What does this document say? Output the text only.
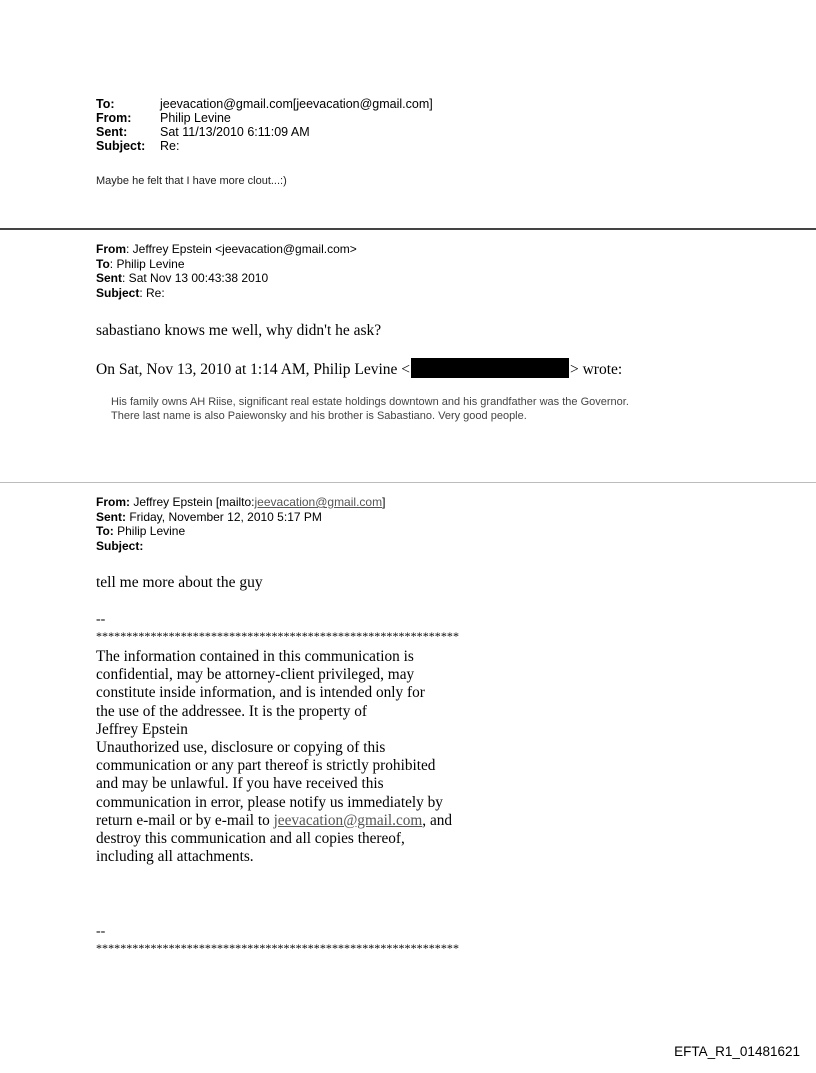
To:	jeevacation@gmail.com[jeevacation@gmail.com]
From:	Philip Levine
Sent:	Sat 11/13/2010 6:11:09 AM
Subject:	Re:
Maybe he felt that I have more clout...:)
From: Jeffrey Epstein <jeevacation@gmail.com>
To: Philip Levine
Sent: Sat Nov 13 00:43:38 2010
Subject: Re:
sabastiano knows me well, why didn't he ask?
On Sat, Nov 13, 2010 at 1:14 AM, Philip Levine <	> wrote:
His family owns AH Riise, significant real estate holdings downtown and his grandfather was the Governor.
There last name is also Paiewonsky and his brother is Sabastiano. Very good people.
From: Jeffrey Epstein [mailto:jeevacation@gmail.com]
Sent: Friday, November 12, 2010 5:17 PM
To: Philip Levine
Subject:
tell me more about the guy
--
************************************************************
The information contained in this communication is
confidential, may be attorney-client privileged, may
constitute inside information, and is intended only for
the use of the addressee. It is the property of
Jeffrey Epstein
Unauthorized use, disclosure or copying of this
communication or any part thereof is strictly prohibited
and may be unlawful. If you have received this
communication in error, please notify us immediately by
return e-mail or by e-mail to jeevacation@gmail.com, and
destroy this communication and all copies thereof,
including all attachments.
--
************************************************************
EFTA_R1_01481621
